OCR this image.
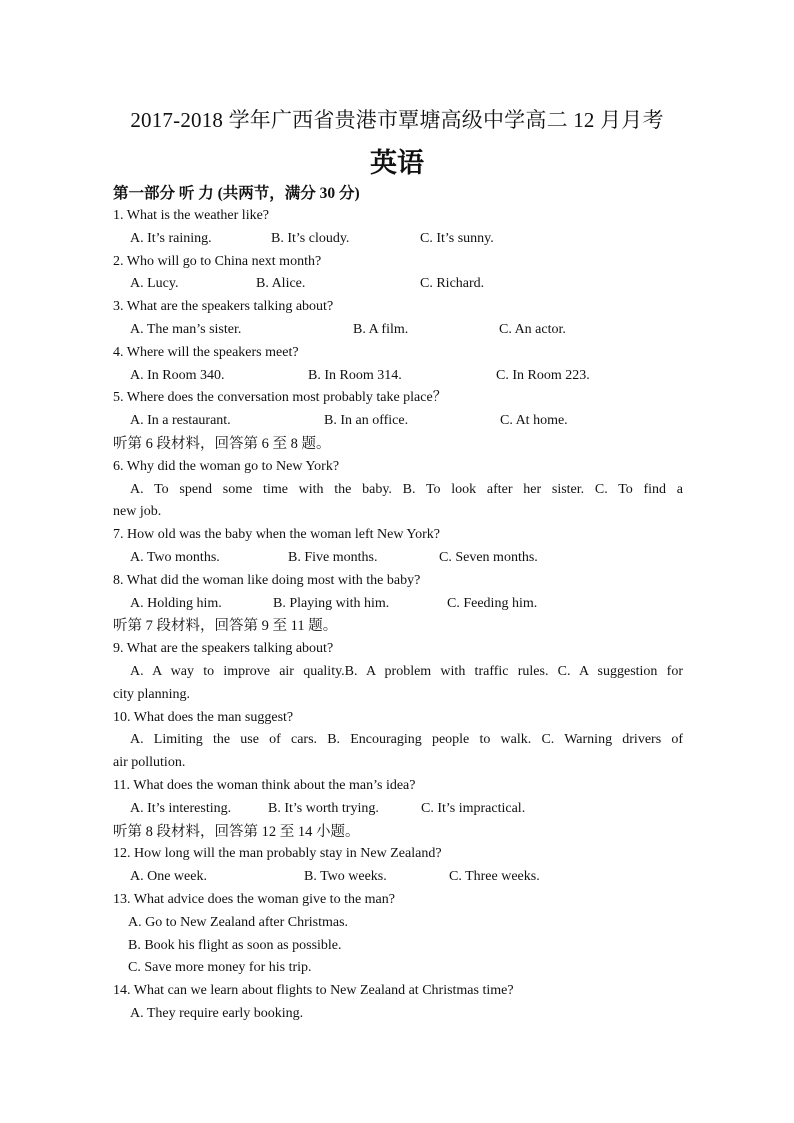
2017-2018 学年广西省贵港市覃塘高级中学高二 12 月月考
英语
第一部分 听 力 (共两节，满分 30 分)
1. What is the weather like?
A. It’s raining.	B. It’s cloudy.	C. It’s sunny.
2. Who will go to China next month?
A. Lucy.	B. Alice.	C. Richard.
3. What are the speakers talking about?
A. The man’s sister.	B. A film.	C. An actor.
4. Where will the speakers meet?
A. In Room 340.	B. In Room 314.	C. In Room 223.
5. Where does the conversation most probably take place？
A. In a restaurant.	B. In an office.	C. At home.
听第 6 段材料，回答第 6 至 8 题。
6. Why did the woman go to New York?
A. To spend some time with the baby. B. To look after her sister. C. To find a
new job.
7. How old was the baby when the woman left New York?
A. Two months.	B. Five months.	C. Seven months.
8. What did the woman like doing most with the baby?
A. Holding him.	B. Playing with him.	C. Feeding him.
听第 7 段材料，回答第 9 至 11 题。
9. What are the speakers talking about?
A. A way to improve air quality.B. A problem with traffic rules. C. A suggestion for
city planning.
10. What does the man suggest?
A. Limiting the use of cars. B. Encouraging people to walk. C. Warning drivers of
air pollution.
11. What does the woman think about the man’s idea?
A. It’s interesting.	B. It’s worth trying.	C. It’s impractical.
听第 8 段材料，回答第 12 至 14 小题。
12. How long will the man probably stay in New Zealand?
A. One week.	B. Two weeks.	C. Three weeks.
13. What advice does the woman give to the man?
A. Go to New Zealand after Christmas.
B. Book his flight as soon as possible.
C. Save more money for his trip.
14. What can we learn about flights to New Zealand at Christmas time?
A. They require early booking.
